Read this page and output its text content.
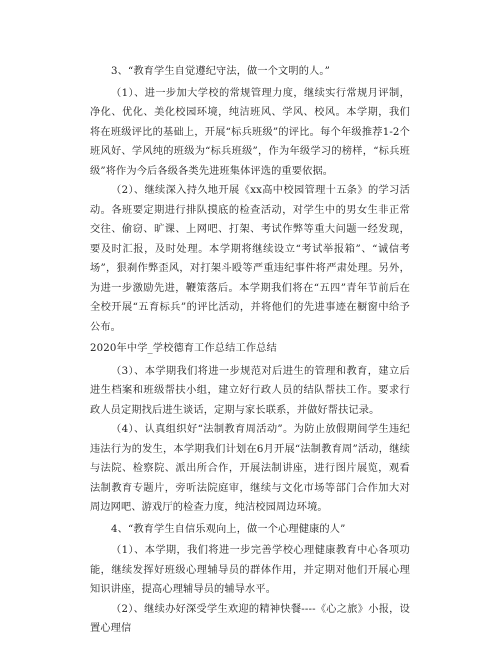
3、“教育学生自觉遵纪守法，做一个文明的人。”

（1）、进一步加大学校的常规管理力度，继续实行常规月评制，净化、优化、美化校园环境，纯洁班风、学风、校风。本学期，我们将在班级评比的基础上，开展“标兵班级”的评比。每个年级推荐1-2个班风好、学风纯的班级为“标兵班级”，作为年级学习的榜样，“标兵班级”将作为今后各级各类先进班集体评选的重要依据。

（2）、继续深入持久地开展《xx高中校园管理十五条》的学习活动。各班要定期进行排队摸底的检查活动，对学生中的男女生非正常交往、偷窃、旷课、上网吧、打架、考试作弊等重大问题一经发现，要及时汇报，及时处理。本学期将继续设立“考试举报箱”、“诚信考场”，狠刹作弊歪风，对打架斗殴等严重违纪事件将严肃处理。另外，为进一步激励先进，鞭策落后。本学期我们将在“五四”青年节前后在全校开展“五育标兵”的评比活动，并将他们的先进事迹在橱窗中给予公布。

2020年中学_学校德育工作总结工作总结

（3）、本学期我们将进一步规范对后进生的管理和教育，建立后进生档案和班级帮扶小组，建立好行政人员的结队帮扶工作。要求行政人员定期找后进生谈话，定期与家长联系，并做好帮扶记录。

（4）、认真组织好“法制教育周活动”。为防止放假期间学生违纪违法行为的发生，本学期我们计划在6月开展“法制教育周”活动，继续与法院、检察院、派出所合作，开展法制讲座，进行图片展览，观看法制教育专题片，旁听法院庭审，继续与文化市场等部门合作加大对周边网吧、游戏厅的检查力度，纯洁校园周边环境。

4、“教育学生自信乐观向上，做一个心理健康的人”

（1）、本学期，我们将进一步完善学校心理健康教育中心各项功能，继续发挥好班级心理辅导员的群体作用，并定期对他们开展心理知识讲座，提高心理辅导员的辅导水平。

（2）、继续办好深受学生欢迎的精神快餐----《心之旅》小报，设置心理信
